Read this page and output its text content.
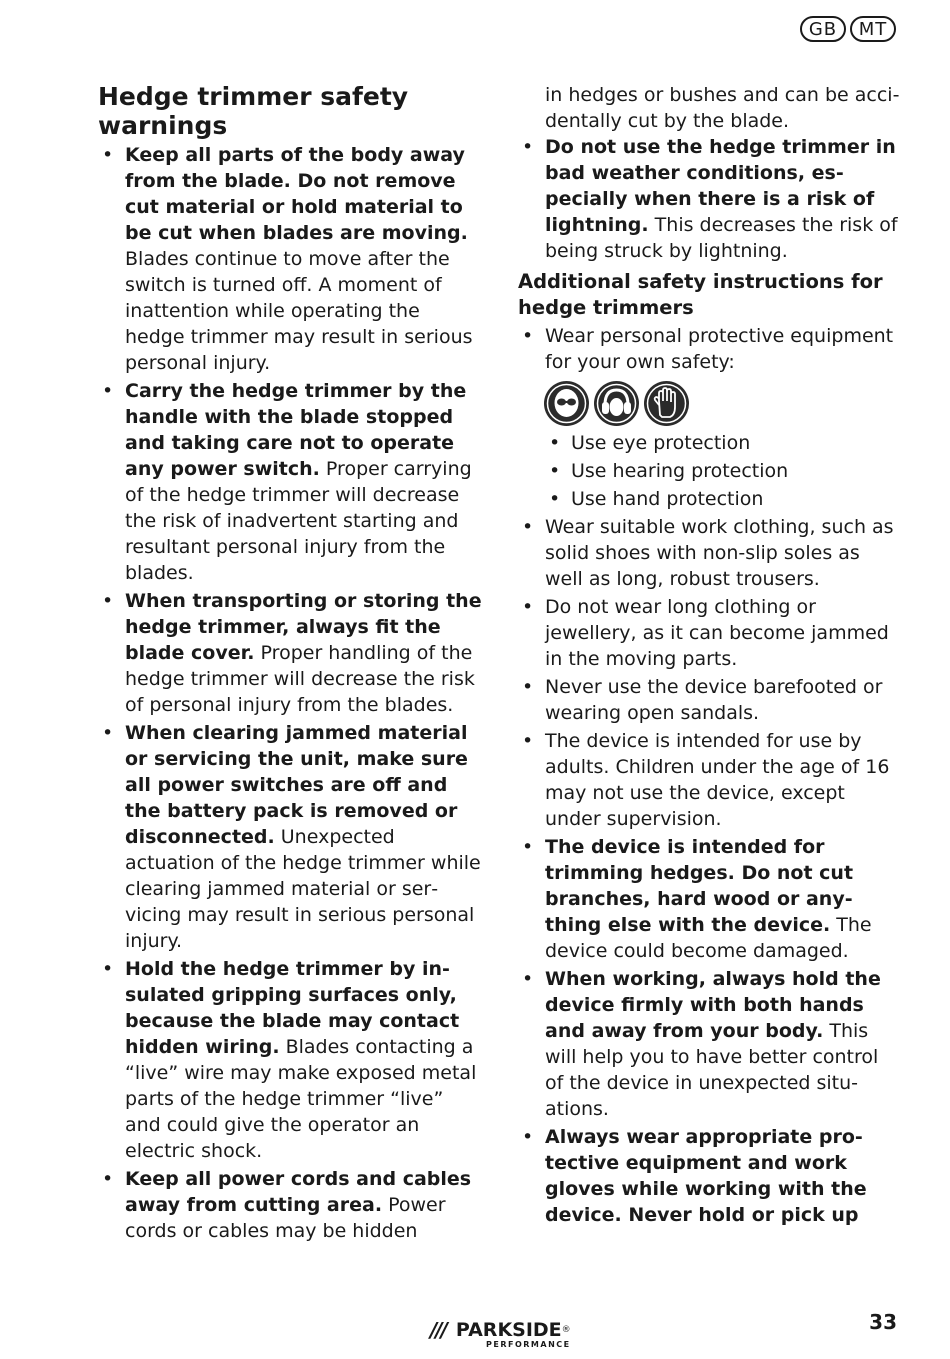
GB	MT
Hedge trimmer safety warnings
• Keep all parts of the body away from the blade. Do not remove cut material or hold material to be cut when blades are moving. Blades continue to move after the switch is turned off. A moment of inattention while operating the hedge trimmer may result in serious personal injury.
• Carry the hedge trimmer by the handle with the blade stopped and taking care not to operate any power switch. Proper carrying of the hedge trimmer will decrease the risk of inadvertent starting and resultant personal injury from the blades.
• When transporting or storing the hedge trimmer, always fit the blade cover. Proper handling of the hedge trimmer will decrease the risk of personal injury from the blades.
• When clearing jammed material or servicing the unit, make sure all power switches are off and the battery pack is removed or disconnected. Unexpected actuation of the hedge trimmer while clearing jammed material or servicing may result in serious personal injury.
• Hold the hedge trimmer by insulated gripping surfaces only, because the blade may contact hidden wiring. Blades contacting a “live” wire may make exposed metal parts of the hedge trimmer “live” and could give the operator an electric shock.
• Keep all power cords and cables away from cutting area. Power cords or cables may be hidden
in hedges or bushes and can be accidentally cut by the blade.
• Do not use the hedge trimmer in bad weather conditions, especially when there is a risk of lightning. This decreases the risk of being struck by lightning.
Additional safety instructions for hedge trimmers
• Wear personal protective equipment for your own safety:
• Use eye protection
• Use hearing protection
• Use hand protection
• Wear suitable work clothing, such as solid shoes with non-slip soles as well as long, robust trousers.
• Do not wear long clothing or jewellery, as it can become jammed in the moving parts.
• Never use the device barefooted or wearing open sandals.
• The device is intended for use by adults. Children under the age of 16 may not use the device, except under supervision.
• The device is intended for trimming hedges. Do not cut branches, hard wood or anything else with the device. The device could become damaged.
• When working, always hold the device firmly with both hands and away from your body. This will help you to have better control of the device in unexpected situations.
• Always wear appropriate protective equipment and work gloves while working with the device. Never hold or pick up
/// PARKSIDE ®
PERFORMANCE
33
